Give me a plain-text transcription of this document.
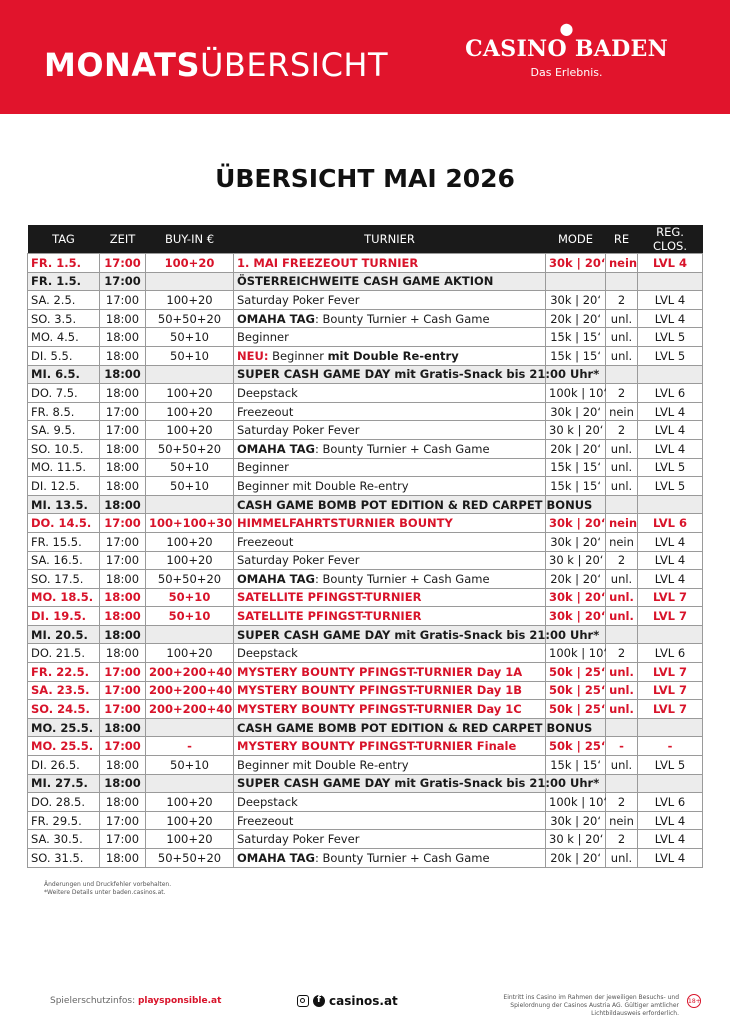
MONATSÜBERSICHT
●
CASINO BADEN
Das Erlebnis.
ÜBERSICHT MAI 2026
TAG	ZEIT	BUY-IN €	TURNIER	MODE	RE	REG. CLOS.
FR. 1.5.	17:00	100+20	1. MAI FREEZEOUT TURNIER	30k | 20‘	nein	LVL 4
FR. 1.5.	17:00		ÖSTERREICHWEITE CASH GAME AKTION			
SA. 2.5.	17:00	100+20	Saturday Poker Fever	30k | 20‘	2	LVL 4
SO. 3.5.	18:00	50+50+20	OMAHA TAG: Bounty Turnier + Cash Game	20k | 20‘	unl.	LVL 4
MO. 4.5.	18:00	50+10	Beginner	15k | 15‘	unl.	LVL 5
DI. 5.5.	18:00	50+10	NEU: Beginner mit Double Re-entry	15k | 15‘	unl.	LVL 5
MI. 6.5.	18:00		SUPER CASH GAME DAY mit Gratis-Snack bis 21:00 Uhr*			
DO. 7.5.	18:00	100+20	Deepstack	100k | 10‘	2	LVL 6
FR. 8.5.	17:00	100+20	Freezeout	30k | 20‘	nein	LVL 4
SA. 9.5.	17:00	100+20	Saturday Poker Fever	30 k | 20‘	2	LVL 4
SO. 10.5.	18:00	50+50+20	OMAHA TAG: Bounty Turnier + Cash Game	20k | 20‘	unl.	LVL 4
MO. 11.5.	18:00	50+10	Beginner	15k | 15‘	unl.	LVL 5
DI. 12.5.	18:00	50+10	Beginner mit Double Re-entry	15k | 15‘	unl.	LVL 5
MI. 13.5.	18:00		CASH GAME BOMB POT EDITION & RED CARPET BONUS			
DO. 14.5.	17:00	100+100+30	HIMMELFAHRTSTURNIER BOUNTY	30k | 20‘	nein	LVL 6
FR. 15.5.	17:00	100+20	Freezeout	30k | 20‘	nein	LVL 4
SA. 16.5.	17:00	100+20	Saturday Poker Fever	30 k | 20‘	2	LVL 4
SO. 17.5.	18:00	50+50+20	OMAHA TAG: Bounty Turnier + Cash Game	20k | 20‘	unl.	LVL 4
MO. 18.5.	18:00	50+10	SATELLITE PFINGST-TURNIER	30k | 20‘	unl.	LVL 7
DI. 19.5.	18:00	50+10	SATELLITE PFINGST-TURNIER	30k | 20‘	unl.	LVL 7
MI. 20.5.	18:00		SUPER CASH GAME DAY mit Gratis-Snack bis 21:00 Uhr*			
DO. 21.5.	18:00	100+20	Deepstack	100k | 10‘	2	LVL 6
FR. 22.5.	17:00	200+200+40	MYSTERY BOUNTY PFINGST-TURNIER Day 1A	50k | 25‘	unl.	LVL 7
SA. 23.5.	17:00	200+200+40	MYSTERY BOUNTY PFINGST-TURNIER Day 1B	50k | 25‘	unl.	LVL 7
SO. 24.5.	17:00	200+200+40	MYSTERY BOUNTY PFINGST-TURNIER Day 1C	50k | 25‘	unl.	LVL 7
MO. 25.5.	18:00		CASH GAME BOMB POT EDITION & RED CARPET BONUS			
MO. 25.5.	17:00	-	MYSTERY BOUNTY PFINGST-TURNIER Finale	50k | 25‘	-	-
DI. 26.5.	18:00	50+10	Beginner mit Double Re-entry	15k | 15‘	unl.	LVL 5
MI. 27.5.	18:00		SUPER CASH GAME DAY mit Gratis-Snack bis 21:00 Uhr*			
DO. 28.5.	18:00	100+20	Deepstack	100k | 10‘	2	LVL 6
FR. 29.5.	17:00	100+20	Freezeout	30k | 20‘	nein	LVL 4
SA. 30.5.	17:00	100+20	Saturday Poker Fever	30 k | 20‘	2	LVL 4
SO. 31.5.	18:00	50+50+20	OMAHA TAG: Bounty Turnier + Cash Game	20k | 20‘	unl.	LVL 4
Änderungen und Druckfehler vorbehalten.
*Weitere Details unter baden.casinos.at.
Spielerschutzinfos: playsponsible.at	f casinos.at	Eintritt ins Casino im Rahmen der jeweiligen Besuchs- und Spielordnung der Casinos Austria AG. Gültiger amtlicher Lichtbildausweis erforderlich.
18+
